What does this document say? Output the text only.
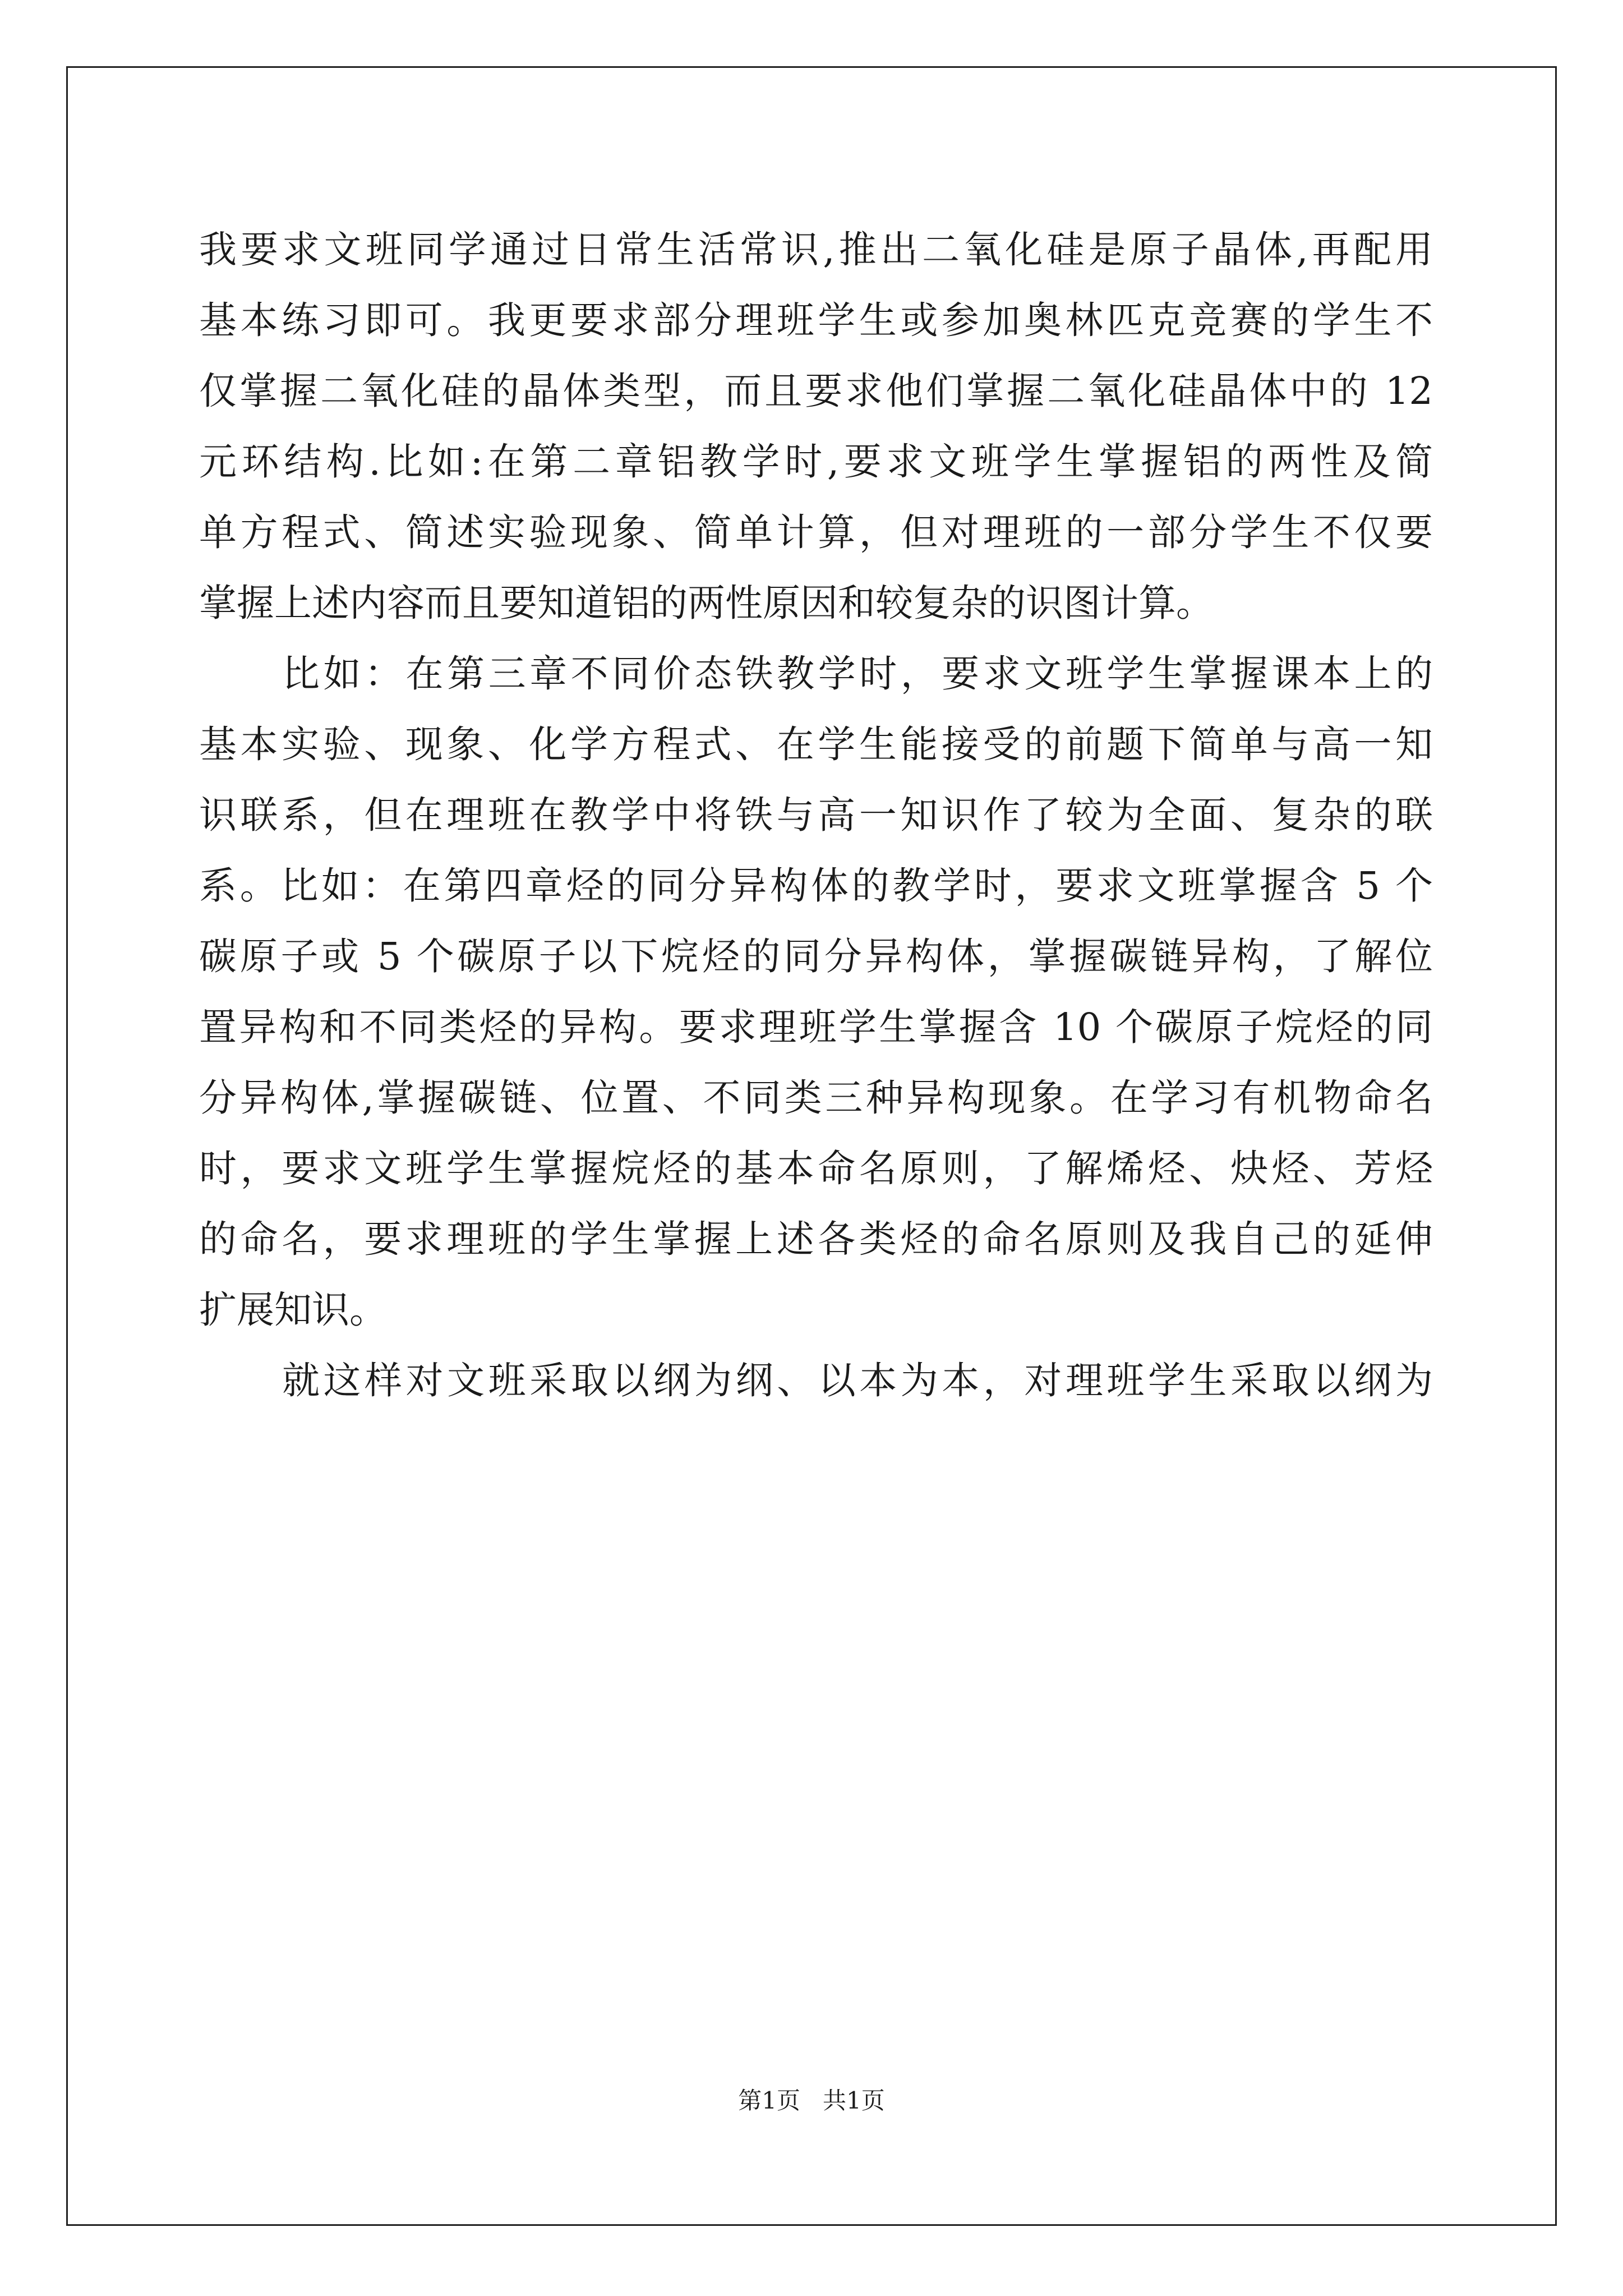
我要求文班同学通过日常生活常识,推出二氧化硅是原子晶体,再配用
基本练习即可。我更要求部分理班学生或参加奥林匹克竞赛的学生不
仅掌握二氧化硅的晶体类型，而且要求他们掌握二氧化硅晶体中的 12
元环结构.比如:在第二章铝教学时,要求文班学生掌握铝的两性及简
单方程式、简述实验现象、简单计算，但对理班的一部分学生不仅要
掌握上述内容而且要知道铝的两性原因和较复杂的识图计算。
比如：在第三章不同价态铁教学时，要求文班学生掌握课本上的
基本实验、现象、化学方程式、在学生能接受的前题下简单与高一知
识联系，但在理班在教学中将铁与高一知识作了较为全面、复杂的联
系。比如：在第四章烃的同分异构体的教学时，要求文班掌握含 5 个
碳原子或 5 个碳原子以下烷烃的同分异构体，掌握碳链异构，了解位
置异构和不同类烃的异构。要求理班学生掌握含 10 个碳原子烷烃的同
分异构体,掌握碳链、位置、不同类三种异构现象。在学习有机物命名
时，要求文班学生掌握烷烃的基本命名原则，了解烯烃、炔烃、芳烃
的命名，要求理班的学生掌握上述各类烃的命名原则及我自己的延伸
扩展知识。
就这样对文班采取以纲为纲、以本为本，对理班学生采取以纲为
第1页   共1页
